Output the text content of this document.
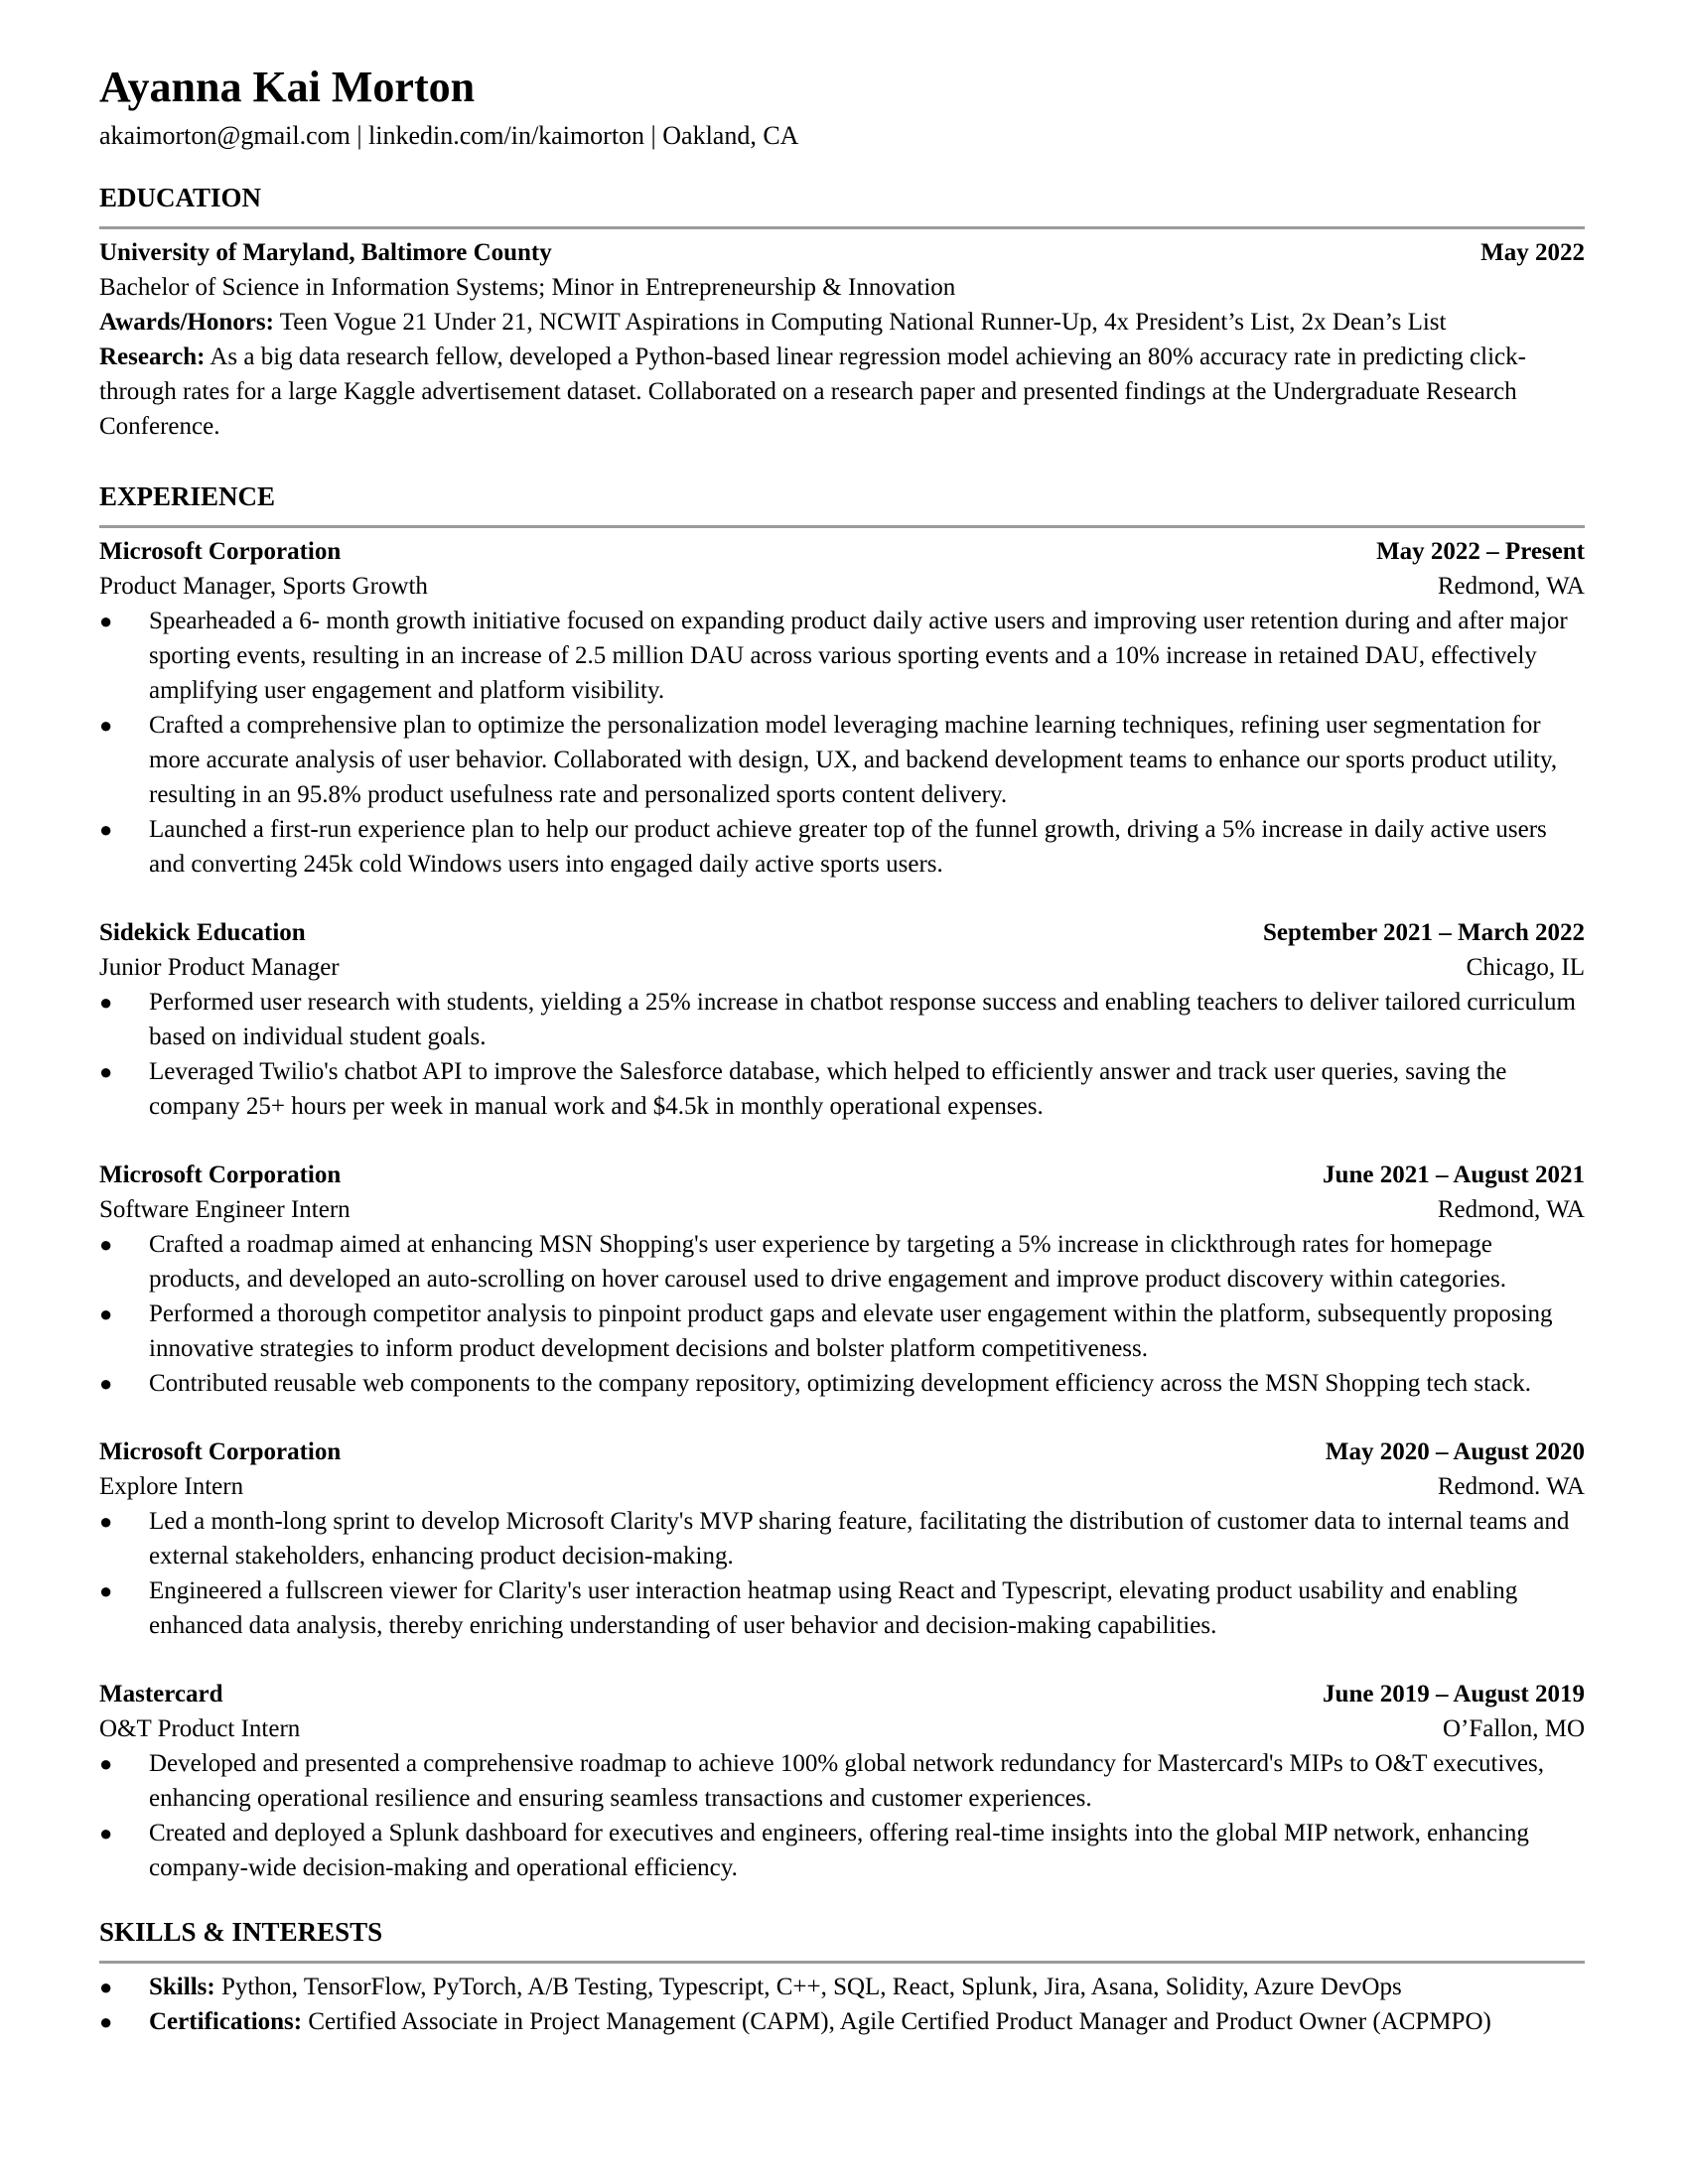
Ayanna Kai Morton

akaimorton@gmail.com | linkedin.com/in/kaimorton | Oakland, CA

EDUCATION
University of Maryland, Baltimore County	May 2022

Bachelor of Science in Information Systems; Minor in Entrepreneurship & Innovation

Awards/Honors: Teen Vogue 21 Under 21, NCWIT Aspirations in Computing National Runner-Up, 4x President’s List, 2x Dean’s List

Research: As a big data research fellow, developed a Python-based linear regression model achieving an 80% accuracy rate in predicting click-through rates for a large Kaggle advertisement dataset. Collaborated on a research paper and presented findings at the Undergraduate Research Conference.

EXPERIENCE
Microsoft Corporation	May 2022 – Present
Product Manager, Sports Growth	Redmond, WA
● Spearheaded a 6- month growth initiative focused on expanding product daily active users and improving user retention during and after major sporting events, resulting in an increase of 2.5 million DAU across various sporting events and a 10% increase in retained DAU, effectively amplifying user engagement and platform visibility.
● Crafted a comprehensive plan to optimize the personalization model leveraging machine learning techniques, refining user segmentation for more accurate analysis of user behavior. Collaborated with design, UX, and backend development teams to enhance our sports product utility, resulting in an 95.8% product usefulness rate and personalized sports content delivery.
● Launched a first-run experience plan to help our product achieve greater top of the funnel growth, driving a 5% increase in daily active users and converting 245k cold Windows users into engaged daily active sports users.
Sidekick Education	September 2021 – March 2022
Junior Product Manager	Chicago, IL
● Performed user research with students, yielding a 25% increase in chatbot response success and enabling teachers to deliver tailored curriculum based on individual student goals.
● Leveraged Twilio's chatbot API to improve the Salesforce database, which helped to efficiently answer and track user queries, saving the company 25+ hours per week in manual work and $4.5k in monthly operational expenses.
Microsoft Corporation	June 2021 – August 2021
Software Engineer Intern	Redmond, WA
● Crafted a roadmap aimed at enhancing MSN Shopping's user experience by targeting a 5% increase in clickthrough rates for homepage products, and developed an auto-scrolling on hover carousel used to drive engagement and improve product discovery within categories.
● Performed a thorough competitor analysis to pinpoint product gaps and elevate user engagement within the platform, subsequently proposing innovative strategies to inform product development decisions and bolster platform competitiveness.
● Contributed reusable web components to the company repository, optimizing development efficiency across the MSN Shopping tech stack.
Microsoft Corporation	May 2020 – August 2020
Explore Intern	Redmond. WA
● Led a month-long sprint to develop Microsoft Clarity's MVP sharing feature, facilitating the distribution of customer data to internal teams and external stakeholders, enhancing product decision-making.
● Engineered a fullscreen viewer for Clarity's user interaction heatmap using React and Typescript, elevating product usability and enabling enhanced data analysis, thereby enriching understanding of user behavior and decision-making capabilities.
Mastercard	June 2019 – August 2019
O&T Product Intern	O’Fallon, MO
● Developed and presented a comprehensive roadmap to achieve 100% global network redundancy for Mastercard's MIPs to O&T executives, enhancing operational resilience and ensuring seamless transactions and customer experiences.
● Created and deployed a Splunk dashboard for executives and engineers, offering real-time insights into the global MIP network, enhancing company-wide decision-making and operational efficiency.
SKILLS & INTERESTS
● Skills: Python, TensorFlow, PyTorch, A/B Testing, Typescript, C++, SQL, React, Splunk, Jira, Asana, Solidity, Azure DevOps
● Certifications: Certified Associate in Project Management (CAPM), Agile Certified Product Manager and Product Owner (ACPMPO)
